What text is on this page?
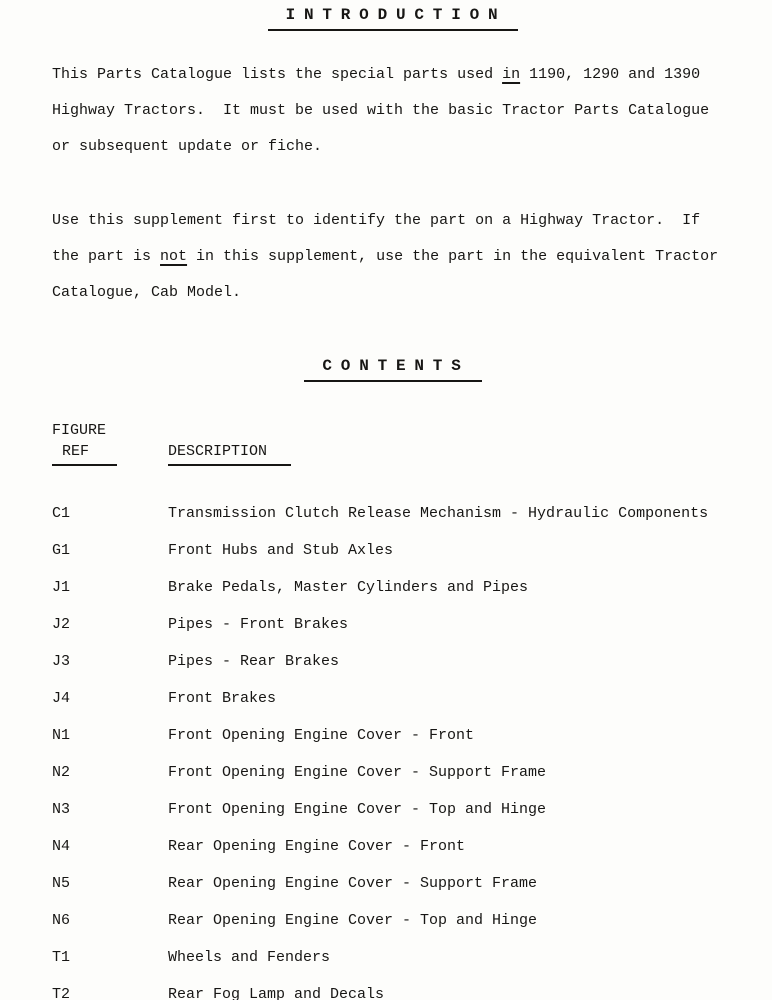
INTRODUCTION

This Parts Catalogue lists the special parts used in 1190, 1290 and 1390 Highway Tractors.  It must be used with the basic Tractor Parts Catalogue or subsequent update or fiche.

Use this supplement first to identify the part on a Highway Tractor.  If the part is not in this supplement, use the part in the equivalent Tractor Catalogue, Cab Model.

CONTENTS
FIGURE
REF	DESCRIPTION
C1	Transmission Clutch Release Mechanism - Hydraulic Components
G1	Front Hubs and Stub Axles
J1	Brake Pedals, Master Cylinders and Pipes
J2	Pipes - Front Brakes
J3	Pipes - Rear Brakes
J4	Front Brakes
N1	Front Opening Engine Cover - Front
N2	Front Opening Engine Cover - Support Frame
N3	Front Opening Engine Cover - Top and Hinge
N4	Rear Opening Engine Cover - Front
N5	Rear Opening Engine Cover - Support Frame
N6	Rear Opening Engine Cover - Top and Hinge
T1	Wheels and Fenders
T2	Rear Fog Lamp and Decals
